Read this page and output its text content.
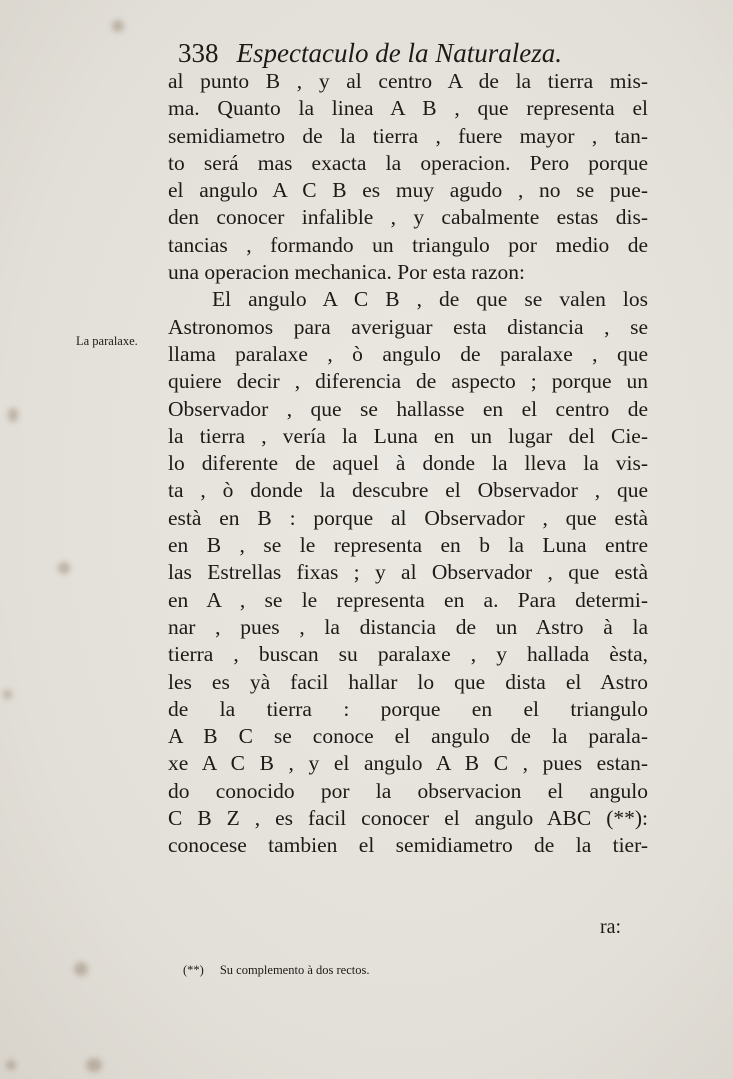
338 Espectaculo de la Naturaleza.
La paralaxe.
al punto B , y al centro A de la tierra mis-
ma. Quanto la linea A B , que representa el
semidiametro de la tierra , fuere mayor , tan-
to será mas exacta la operacion. Pero porque
el angulo A C B es muy agudo , no se pue-
den conocer infalible , y cabalmente estas dis-
tancias , formando un triangulo por medio de
una operacion mechanica. Por esta razon:
El angulo A C B , de que se valen los
Astronomos para averiguar esta distancia , se
llama paralaxe , ò angulo de paralaxe , que
quiere decir , diferencia de aspecto ; porque un
Observador , que se hallasse en el centro de
la tierra , vería la Luna en un lugar del Cie-
lo diferente de aquel à donde la lleva la vis-
ta , ò donde la descubre el Observador , que
està en B : porque al Observador , que està
en B , se le representa en b la Luna entre
las Estrellas fixas ; y al Observador , que està
en A , se le representa en a. Para determi-
nar , pues , la distancia de un Astro à la
tierra , buscan su paralaxe , y hallada èsta,
les es yà facil hallar lo que dista el Astro
de la tierra : porque en el triangulo
A B C se conoce el angulo de la parala-
xe A C B , y el angulo A B C , pues estan-
do conocido por la observacion el angulo
C B Z , es facil conocer el angulo ABC (**):
conocese tambien el semidiametro de la tier-
ra:
(**) Su complemento à dos rectos.
